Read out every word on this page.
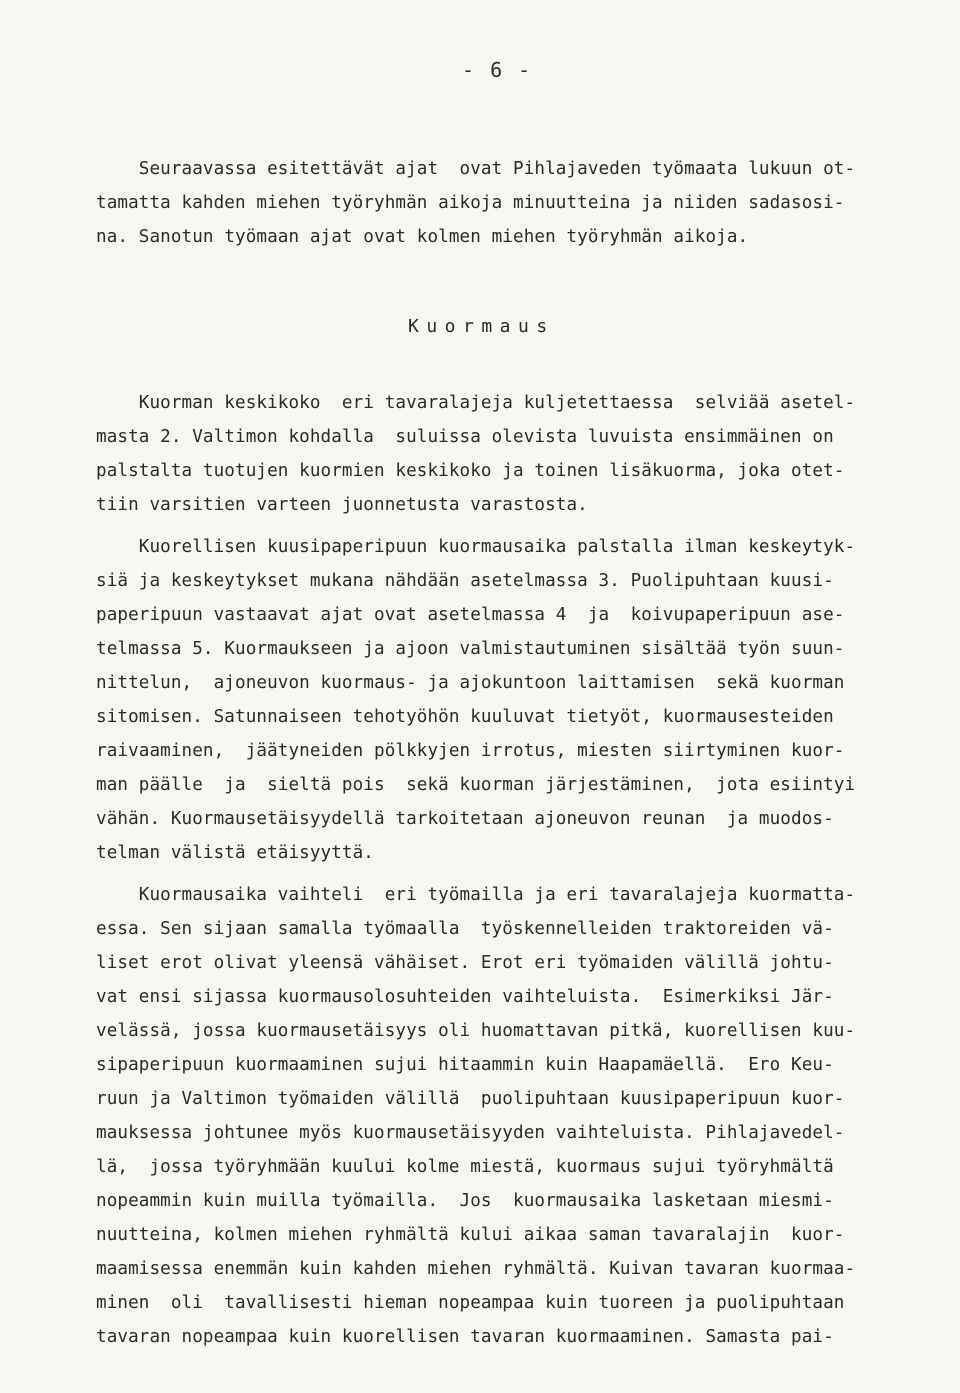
- 6 -
Seuraavassa esitettävät ajat  ovat Pihlajaveden työmaata lukuun ot-
tamatta kahden miehen työryhmän aikoja minuutteina ja niiden sadasosi-
na. Sanotun työmaan ajat ovat kolmen miehen työryhmän aikoja.
Kuormaus
Kuorman keskikoko  eri tavaralajeja kuljetettaessa  selviää asetel-
masta 2. Valtimon kohdalla  suluissa olevista luvuista ensimmäinen on
palstalta tuotujen kuormien keskikoko ja toinen lisäkuorma, joka otet-
tiin varsitien varteen juonnetusta varastosta.
Kuorellisen kuusipaperipuun kuormausaika palstalla ilman keskeytyk-
siä ja keskeytykset mukana nähdään asetelmassa 3. Puolipuhtaan kuusi-
paperipuun vastaavat ajat ovat asetelmassa 4  ja  koivupaperipuun ase-
telmassa 5. Kuormaukseen ja ajoon valmistautuminen sisältää työn suun-
nittelun,  ajoneuvon kuormaus- ja ajokuntoon laittamisen  sekä kuorman
sitomisen. Satunnaiseen tehotyöhön kuuluvat tietyöt, kuormausesteiden
raivaaminen,  jäätyneiden pölkkyjen irrotus, miesten siirtyminen kuor-
man päälle  ja  sieltä pois  sekä kuorman järjestäminen,  jota esiintyi
vähän. Kuormausetäisyydellä tarkoitetaan ajoneuvon reunan  ja muodos-
telman välistä etäisyyttä.
Kuormausaika vaihteli  eri työmailla ja eri tavaralajeja kuormatta-
essa. Sen sijaan samalla työmaalla  työskennelleiden traktoreiden vä-
liset erot olivat yleensä vähäiset. Erot eri työmaiden välillä johtu-
vat ensi sijassa kuormausolosuhteiden vaihteluista.  Esimerkiksi Jär-
velässä, jossa kuormausetäisyys oli huomattavan pitkä, kuorellisen kuu-
sipaperipuun kuormaaminen sujui hitaammin kuin Haapamäellä.  Ero Keu-
ruun ja Valtimon työmaiden välillä  puolipuhtaan kuusipaperipuun kuor-
mauksessa johtunee myös kuormausetäisyyden vaihteluista. Pihlajavedel-
lä,  jossa työryhmään kuului kolme miestä, kuormaus sujui työryhmältä
nopeammin kuin muilla työmailla.  Jos  kuormausaika lasketaan miesmi-
nuutteina, kolmen miehen ryhmältä kului aikaa saman tavaralajin  kuor-
maamisessa enemmän kuin kahden miehen ryhmältä. Kuivan tavaran kuormaa-
minen  oli  tavallisesti hieman nopeampaa kuin tuoreen ja puolipuhtaan
tavaran nopeampaa kuin kuorellisen tavaran kuormaaminen. Samasta pai-
